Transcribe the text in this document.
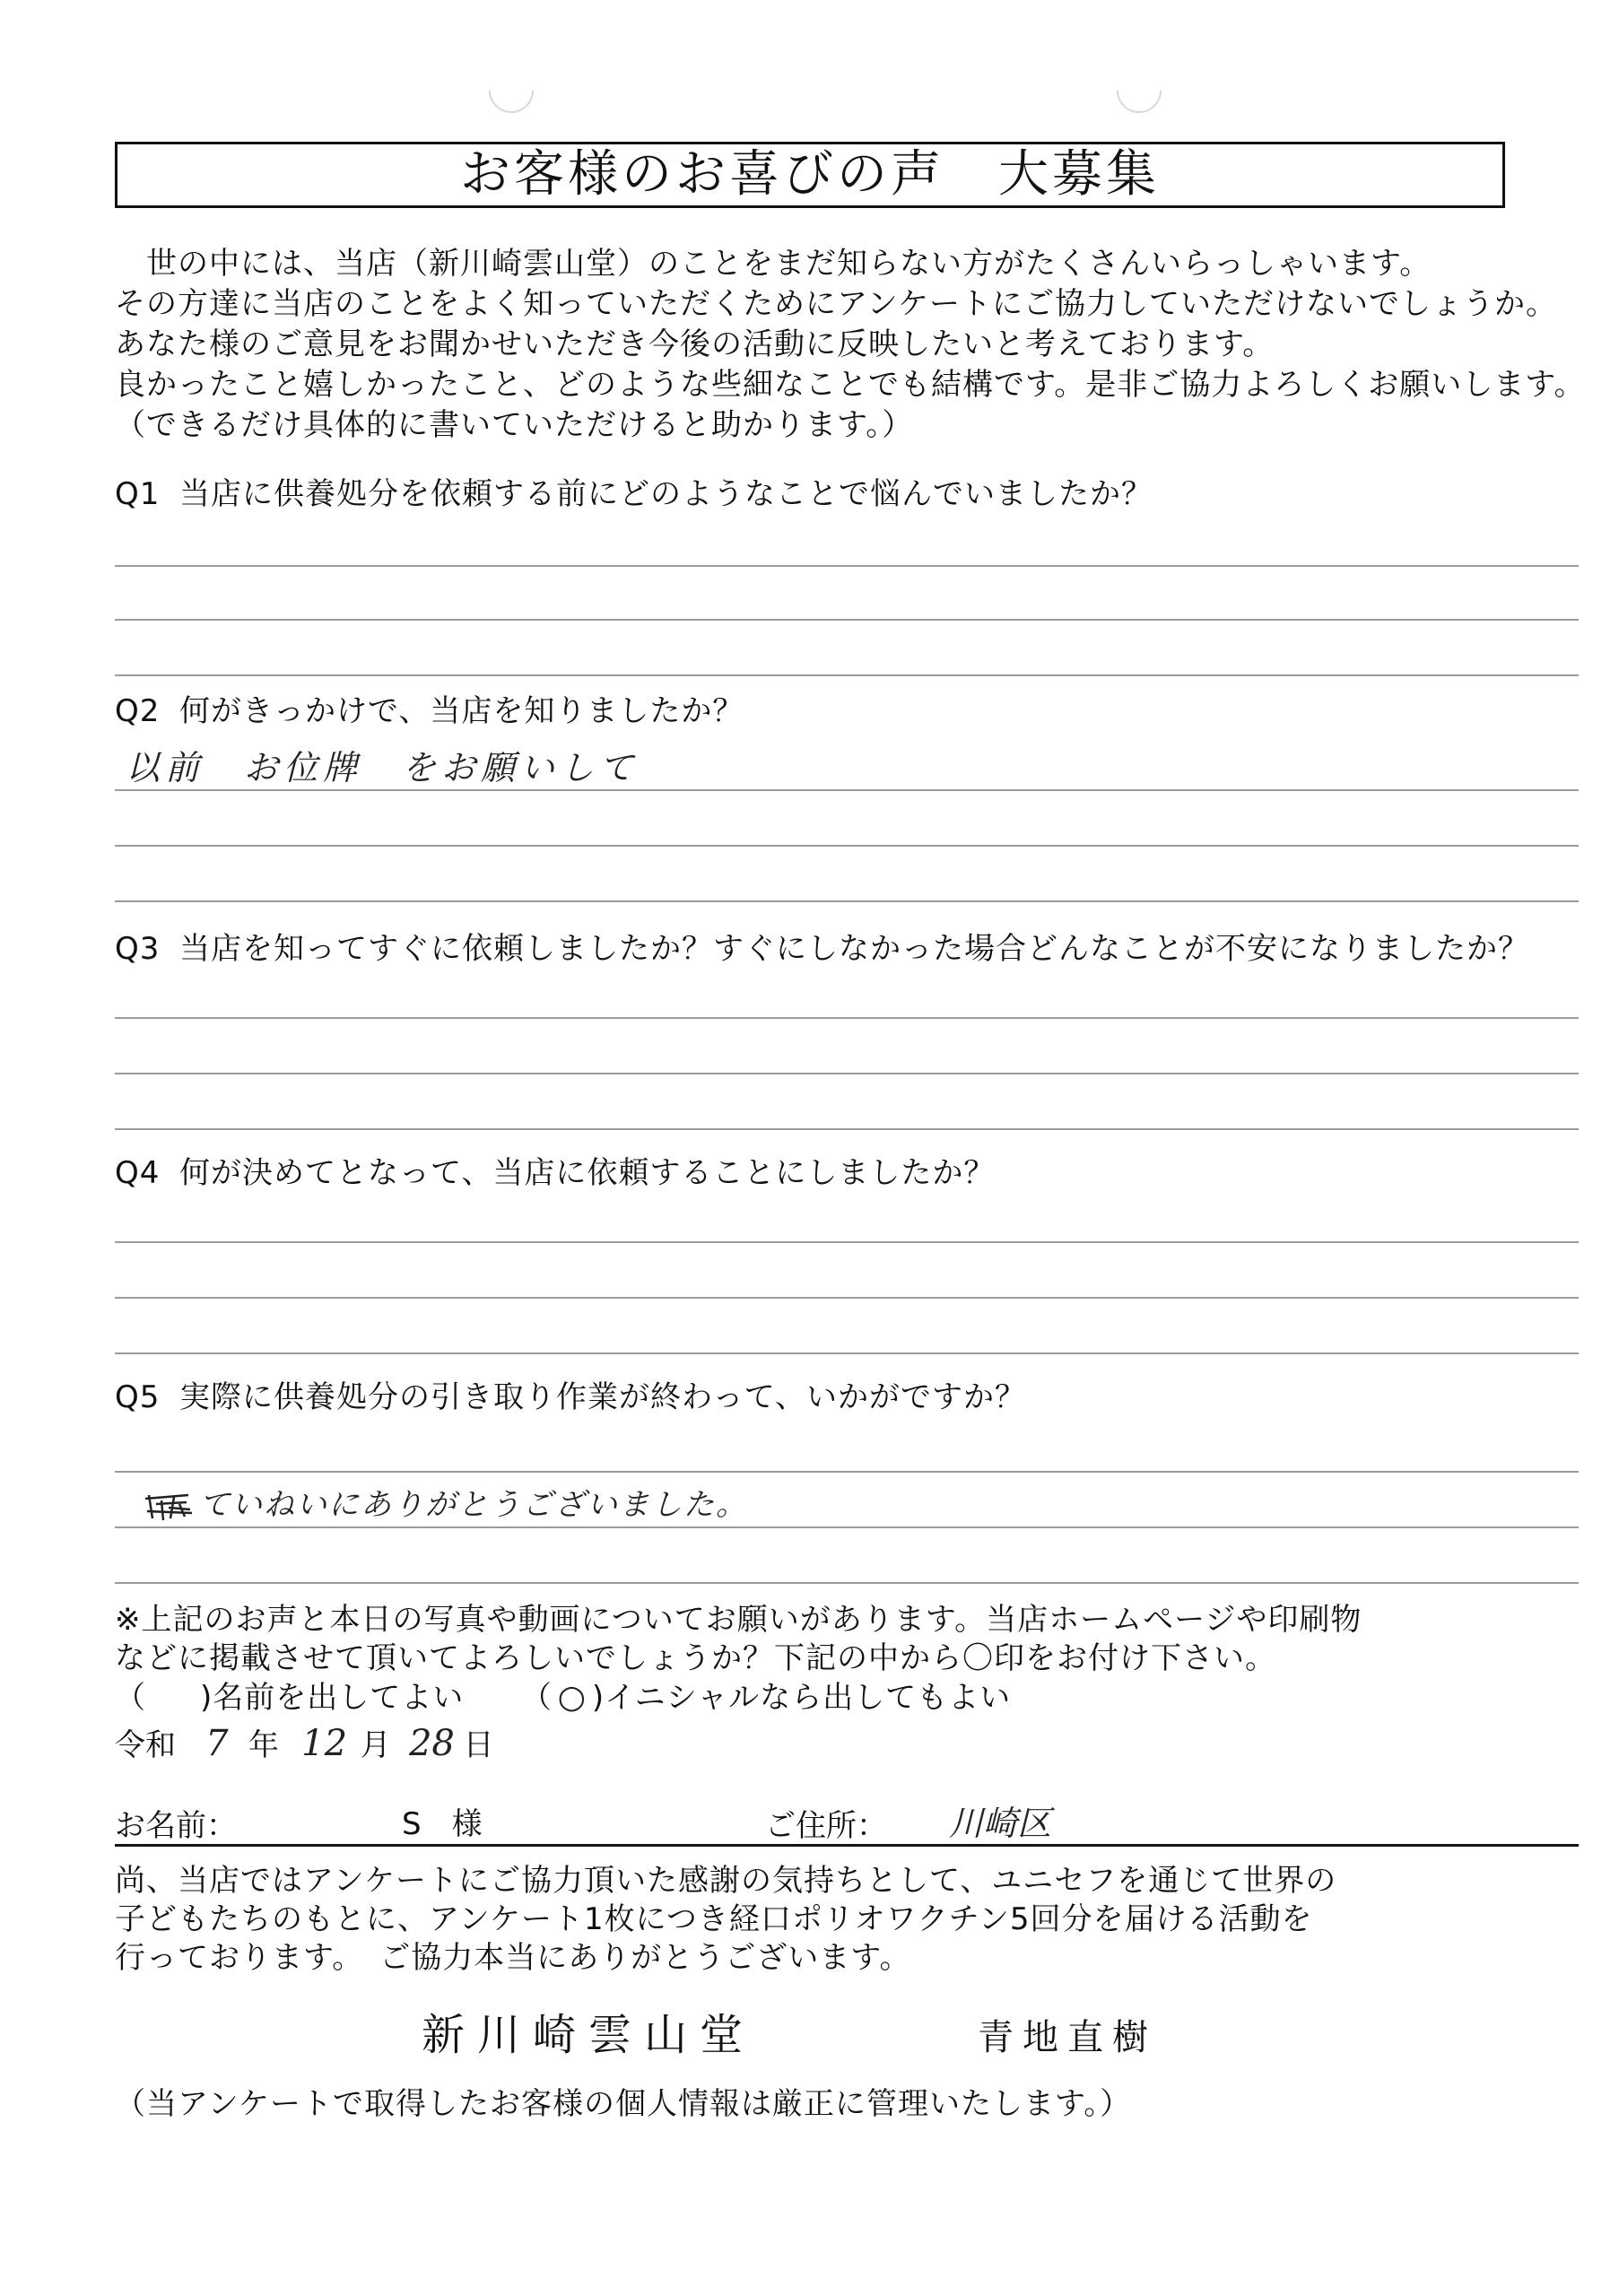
お客様のお喜びの声　大募集
　世の中には、当店（新川崎雲山堂）のことをまだ知らない方がたくさんいらっしゃいます。
その方達に当店のことをよく知っていただくためにアンケートにご協力していただけないでしょうか。
あなた様のご意見をお聞かせいただき今後の活動に反映したいと考えております。
良かったこと嬉しかったこと、どのような些細なことでも結構です。是非ご協力よろしくお願いします。
（できるだけ具体的に書いていただけると助かります。）
Q1 当店に供養処分を依頼する前にどのようなことで悩んでいましたか？
Q2 何がきっかけで、当店を知りましたか？
以前　お位牌　をお願いして
Q3 当店を知ってすぐに依頼しましたか？すぐにしなかった場合どんなことが不安になりましたか？
Q4 何が決めてとなって、当店に依頼することにしましたか？
Q5 実際に供養処分の引き取り作業が終わって、いかがですか？
ていねいにありがとうございました。
※上記のお声と本日の写真や動画についてお願いがあります。当店ホームページや印刷物
などに掲載させて頂いてよろしいでしょうか？下記の中から〇印をお付け下さい。
（ )名前を出してよい （ ○ )イニシャルなら出してもよい
令和 7 年 12 月 28 日
お名前：	S　様	ご住所： 川崎区
尚、当店ではアンケートにご協力頂いた感謝の気持ちとして、ユニセフを通じて世界の
子どもたちのもとに、アンケート1枚につき経口ポリオワクチン5回分を届ける活動を
行っております。　ご協力本当にありがとうございます。
新川崎雲山堂	青地直樹
（当アンケートで取得したお客様の個人情報は厳正に管理いたします。）
